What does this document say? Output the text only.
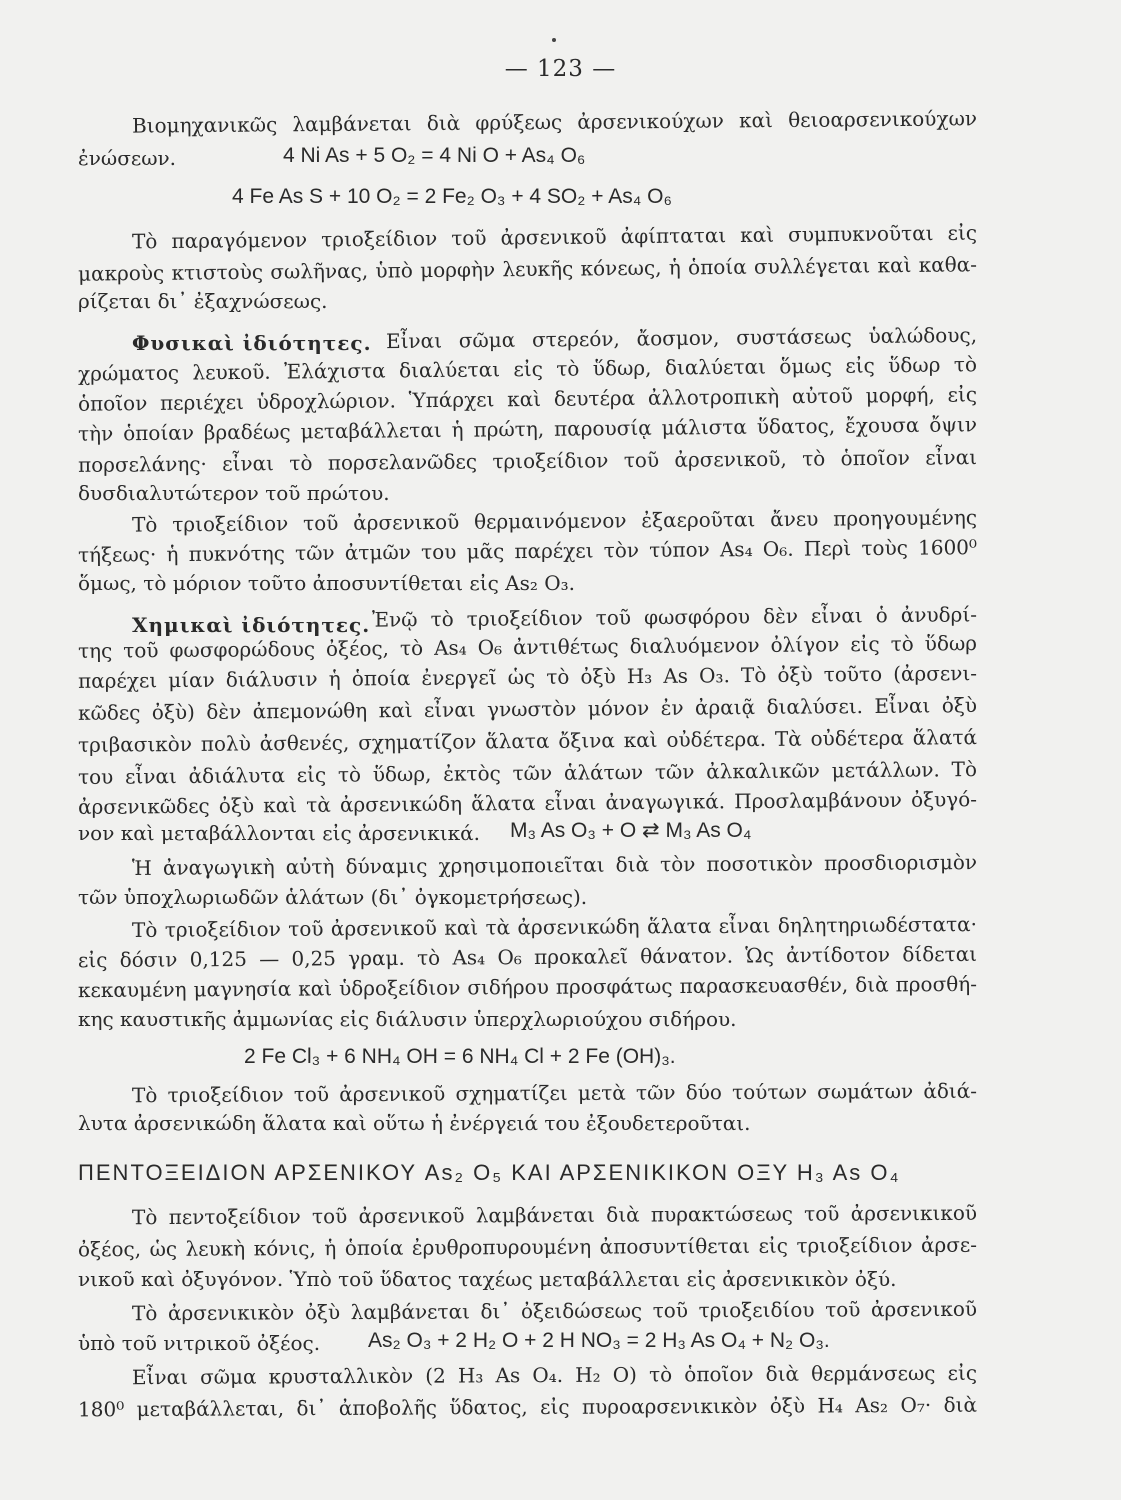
— 123 —
Βιομηχανικῶς λαμβάνεται διὰ φρύξεως ἀρσενικούχων καὶ θειοαρσενικούχων
ἐνώσεων.	4 Ni As + 5 O₂ = 4 Ni O + As₄ O₆
4 Fe As S + 10 O₂ = 2 Fe₂ O₃ + 4 SO₂ + As₄ O₆
Τὸ παραγόμενον τριοξείδιον τοῦ ἀρσενικοῦ ἀφίπταται καὶ συμπυκνοῦται εἰς
μακροὺς κτιστοὺς σωλῆνας, ὑπὸ μορφὴν λευκῆς κόνεως, ἡ ὁποία συλλέγεται καὶ καθα-
ρίζεται δι᾽ ἐξαχνώσεως.
Φυσικαὶ ἰδιότητες. Εἶναι σῶμα στερεόν, ἄοσμον, συστάσεως ὑαλώδους,
χρώματος λευκοῦ. Ἐλάχιστα διαλύεται εἰς τὸ ὕδωρ, διαλύεται ὅμως εἰς ὕδωρ τὸ
ὁποῖον περιέχει ὑδροχλώριον. Ὑπάρχει καὶ δευτέρα ἀλλοτροπικὴ αὐτοῦ μορφή, εἰς
τὴν ὁποίαν βραδέως μεταβάλλεται ἡ πρώτη, παρουσίᾳ μάλιστα ὕδατος, ἔχουσα ὄψιν
πορσελάνης· εἶναι τὸ πορσελανῶδες τριοξείδιον τοῦ ἀρσενικοῦ, τὸ ὁποῖον εἶναι
δυσδιαλυτώτερον τοῦ πρώτου.
Τὸ τριοξείδιον τοῦ ἀρσενικοῦ θερμαινόμενον ἐξαεροῦται ἄνευ προηγουμένης
τήξεως· ἡ πυκνότης τῶν ἀτμῶν του μᾶς παρέχει τὸν τύπον As₄ O₆. Περὶ τοὺς 1600⁰
ὅμως, τὸ μόριον τοῦτο ἀποσυντίθεται εἰς As₂ O₃.
Χημικαὶ ἰδιότητες. Ἐνῷ τὸ τριοξείδιον τοῦ φωσφόρου δὲν εἶναι ὁ ἀνυδρί-
της τοῦ φωσφορώδους ὀξέος, τὸ As₄ O₆ ἀντιθέτως διαλυόμενον ὀλίγον εἰς τὸ ὕδωρ
παρέχει μίαν διάλυσιν ἡ ὁποία ἐνεργεῖ ὡς τὸ ὀξὺ H₃ As O₃. Τὸ ὀξὺ τοῦτο (ἀρσενι-
κῶδες ὀξὺ) δὲν ἀπεμονώθη καὶ εἶναι γνωστὸν μόνον ἐν ἀραιᾷ διαλύσει. Εἶναι ὀξὺ
τριβασικὸν πολὺ ἀσθενές, σχηματίζον ἅλατα ὄξινα καὶ οὐδέτερα. Τὰ οὐδέτερα ἅλατά
του εἶναι ἀδιάλυτα εἰς τὸ ὕδωρ, ἐκτὸς τῶν ἁλάτων τῶν ἀλκαλικῶν μετάλλων. Τὸ
ἀρσενικῶδες ὀξὺ καὶ τὰ ἀρσενικώδη ἅλατα εἶναι ἀναγωγικά. Προσλαμβάνουν ὀξυγό-
νον καὶ μεταβάλλονται εἰς ἀρσενικικά. M₃ As O₃ + O ⇄ M₃ As O₄
Ἡ ἀναγωγικὴ αὐτὴ δύναμις χρησιμοποιεῖται διὰ τὸν ποσοτικὸν προσδιορισμὸν
τῶν ὑποχλωριωδῶν ἁλάτων (δι᾽ ὀγκομετρήσεως).
Τὸ τριοξείδιον τοῦ ἀρσενικοῦ καὶ τὰ ἀρσενικώδη ἅλατα εἶναι δηλητηριωδέστατα·
εἰς δόσιν 0,125 — 0,25 γραμ. τὸ As₄ O₆ προκαλεῖ θάνατον. Ὡς ἀντίδοτον δίδεται
κεκαυμένη μαγνησία καὶ ὑδροξείδιον σιδήρου προσφάτως παρασκευασθέν, διὰ προσθή-
κης καυστικῆς ἀμμωνίας εἰς διάλυσιν ὑπερχλωριούχου σιδήρου.
2 Fe Cl₃ + 6 NH₄ OH = 6 NH₄ Cl + 2 Fe (OH)₃.
Τὸ τριοξείδιον τοῦ ἀρσενικοῦ σχηματίζει μετὰ τῶν δύο τούτων σωμάτων ἀδιά-
λυτα ἀρσενικώδη ἅλατα καὶ οὕτω ἡ ἐνέργειά του ἐξουδετεροῦται.
ΠΕΝΤΟΞΕΙΔΙΟΝ ΑΡΣΕΝΙΚΟΥ As₂ O₅ ΚΑΙ ΑΡΣΕΝΙΚΙΚΟΝ ΟΞΥ H₃ As O₄
Τὸ πεντοξείδιον τοῦ ἀρσενικοῦ λαμβάνεται διὰ πυρακτώσεως τοῦ ἀρσενικικοῦ
ὀξέος, ὡς λευκὴ κόνις, ἡ ὁποία ἐρυθροπυρουμένη ἀποσυντίθεται εἰς τριοξείδιον ἀρσε-
νικοῦ καὶ ὀξυγόνον. Ὑπὸ τοῦ ὕδατος ταχέως μεταβάλλεται εἰς ἀρσενικικὸν ὀξύ.
Τὸ ἀρσενικικὸν ὀξὺ λαμβάνεται δι᾽ ὀξειδώσεως τοῦ τριοξειδίου τοῦ ἀρσενικοῦ
ὑπὸ τοῦ νιτρικοῦ ὀξέος. As₂ O₃ + 2 H₂ O + 2 H NO₃ = 2 H₃ As O₄ + N₂ O₃.
Εἶναι σῶμα κρυσταλλικὸν (2 H₃ As O₄. H₂ O) τὸ ὁποῖον διὰ θερμάνσεως εἰς
180⁰ μεταβάλλεται, δι᾽ ἀποβολῆς ὕδατος, εἰς πυροαρσενικικὸν ὀξὺ H₄ As₂ O₇· διὰ
